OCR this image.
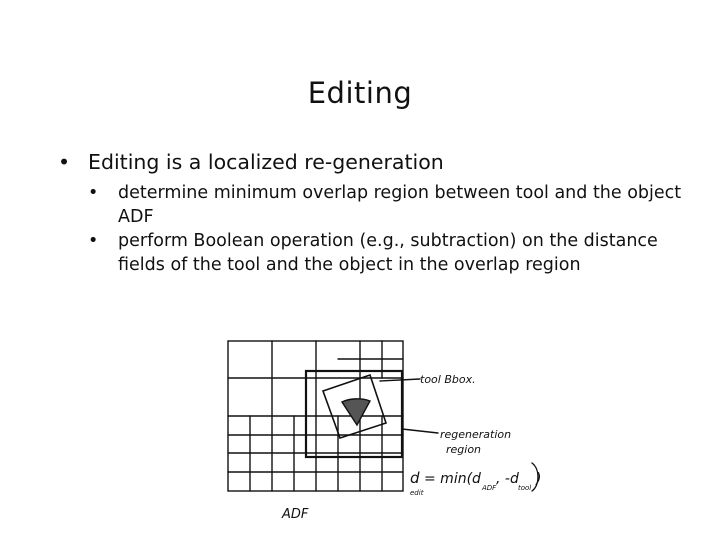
Editing
• Editing is a localized re-generation
• determine minimum overlap region between tool and the object ADF
• perform Boolean operation (e.g., subtraction) on the distance fields of the tool and the object in the overlap region
tool Bbox.
regeneration
region
d
edit
= min(d
ADF
, -d
tool
)
ADF
